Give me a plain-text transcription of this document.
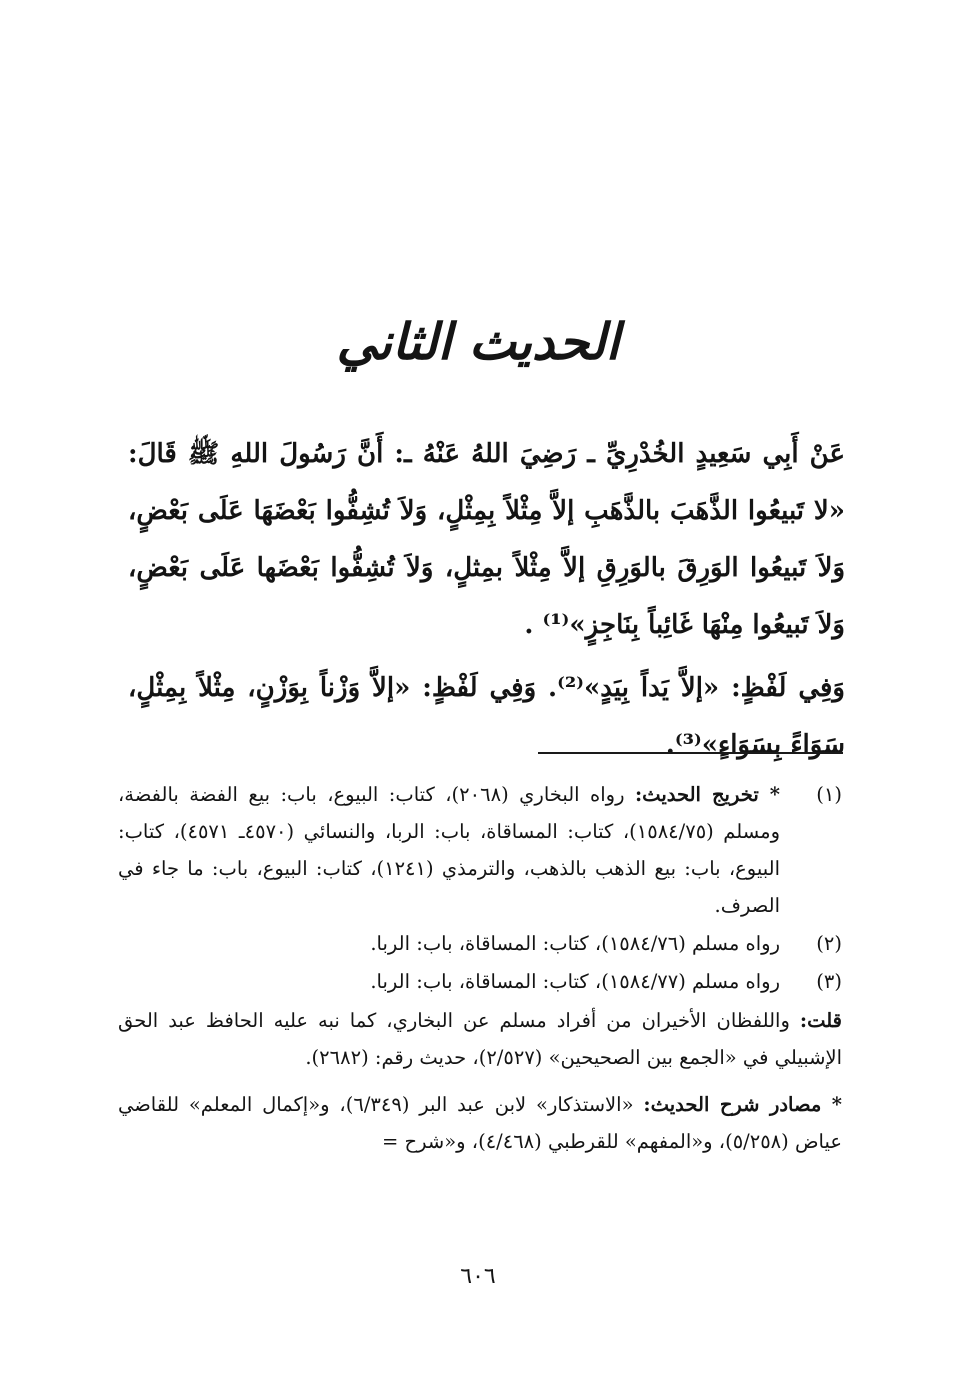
الحديث الثاني

عَنْ أَبِي سَعِيدٍ الخُدْرِيِّ ـ رَضِيَ اللهُ عَنْهُ ـ: أَنَّ رَسُولَ اللهِ ﷺ قَالَ: «لا تَبيعُوا الذَّهَبَ بالذَّهَبِ إلاَّ مِثْلاً بِمِثْلٍ، وَلاَ تُشِفُّوا بَعْضَهَا عَلَى بَعْضٍ، وَلاَ تَبيعُوا الوَرِقَ بالوَرِقِ إلاَّ مِثْلاً بمِثلٍ، وَلاَ تُشِفُّوا بَعْضَها عَلَى بَعْضٍ، وَلاَ تَبيعُوا مِنْهَا غَائِباً بِنَاجِزٍ»⁽¹⁾ .

وَفِي لَفْظٍ: «إلاَّ يَداً بِيَدٍ»⁽²⁾. وَفِي لَفْظٍ: «إلاَّ وَزْناً بِوَزْنٍ، مِثْلاً بِمِثْلٍ، سَوَاءً بِسَوَاءٍ»⁽³⁾.

(١)
* تخريج الحديث: رواه البخاري (٢٠٦٨)، كتاب: البيوع، باب: بيع الفضة بالفضة، ومسلم (١٥٨٤/٧٥)، كتاب: المساقاة، باب: الربا، والنسائي (٤٥٧٠ـ ٤٥٧١)، كتاب: البيوع، باب: بيع الذهب بالذهب، والترمذي (١٢٤١)، كتاب: البيوع، باب: ما جاء في الصرف.
(٢)
رواه مسلم (١٥٨٤/٧٦)، كتاب: المساقاة، باب: الربا.
(٣)
رواه مسلم (١٥٨٤/٧٧)، كتاب: المساقاة، باب: الربا.
قلت: واللفظان الأخيران من أفراد مسلم عن البخاري، كما نبه عليه الحافظ عبد الحق الإشبيلي في «الجمع بين الصحيحين» (٢/٥٢٧)، حديث رقم: (٢٦٨٢).
* مصادر شرح الحديث: «الاستذكار» لابن عبد البر (٦/٣٤٩)، و«إكمال المعلم» للقاضي عياض (٥/٢٥٨)، و«المفهم» للقرطبي (٤/٤٦٨)، و«شرح =
٦٠٦
